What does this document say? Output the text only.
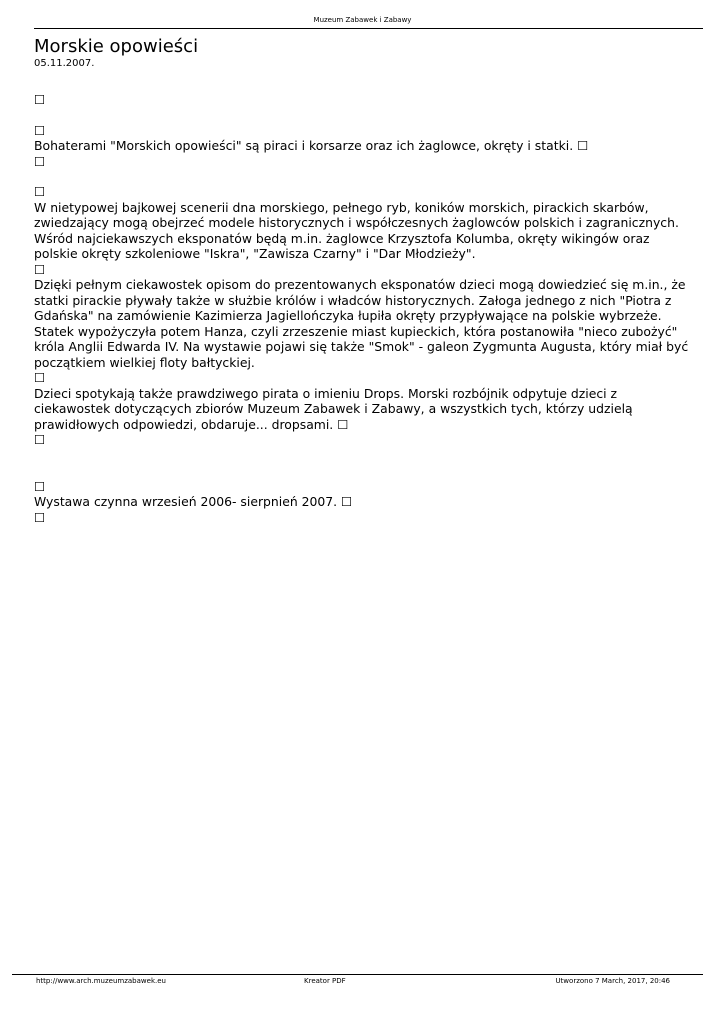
Muzeum Zabawek i Zabawy
Morskie opowieści
05.11.2007.
☐
☐

Bohaterami "Morskich opowieści" są piraci i korsarze oraz ich żaglowce, okręty i statki. ☐

☐
☐

W nietypowej bajkowej scenerii dna morskiego, pełnego ryb, koników morskich, pirackich skarbów, zwiedzający mogą obejrzeć modele historycznych i współczesnych żaglowców polskich i zagranicznych. Wśród najciekawszych eksponatów będą m.in. żaglowce Krzysztofa Kolumba, okręty wikingów oraz polskie okręty szkoleniowe "Iskra", "Zawisza Czarny" i "Dar Młodzieży".

☐

Dzięki pełnym ciekawostek opisom do prezentowanych eksponatów dzieci mogą dowiedzieć się m.in., że statki pirackie pływały także w służbie królów i władców historycznych. Załoga jednego z nich "Piotra z Gdańska" na zamówienie Kazimierza Jagiellończyka łupiła okręty przypływające na polskie wybrzeże. Statek wypożyczyła potem Hanza, czyli zrzeszenie miast kupieckich, która postanowiła "nieco zubożyć" króla Anglii Edwarda IV. Na wystawie pojawi się także "Smok" - galeon Zygmunta Augusta, który miał być początkiem wielkiej floty bałtyckiej.

☐

Dzieci spotykają także prawdziwego pirata o imieniu Drops. Morski rozbójnik odpytuje dzieci z ciekawostek dotyczących zbiorów Muzeum Zabawek i Zabawy, a wszystkich tych, którzy udzielą prawidłowych odpowiedzi, obdaruje... dropsami. ☐

☐
☐

Wystawa czynna wrzesień 2006- sierpnień 2007. ☐

☐
http://www.arch.muzeumzabawek.eu	Kreator PDF	Utworzono 7 March, 2017, 20:46
